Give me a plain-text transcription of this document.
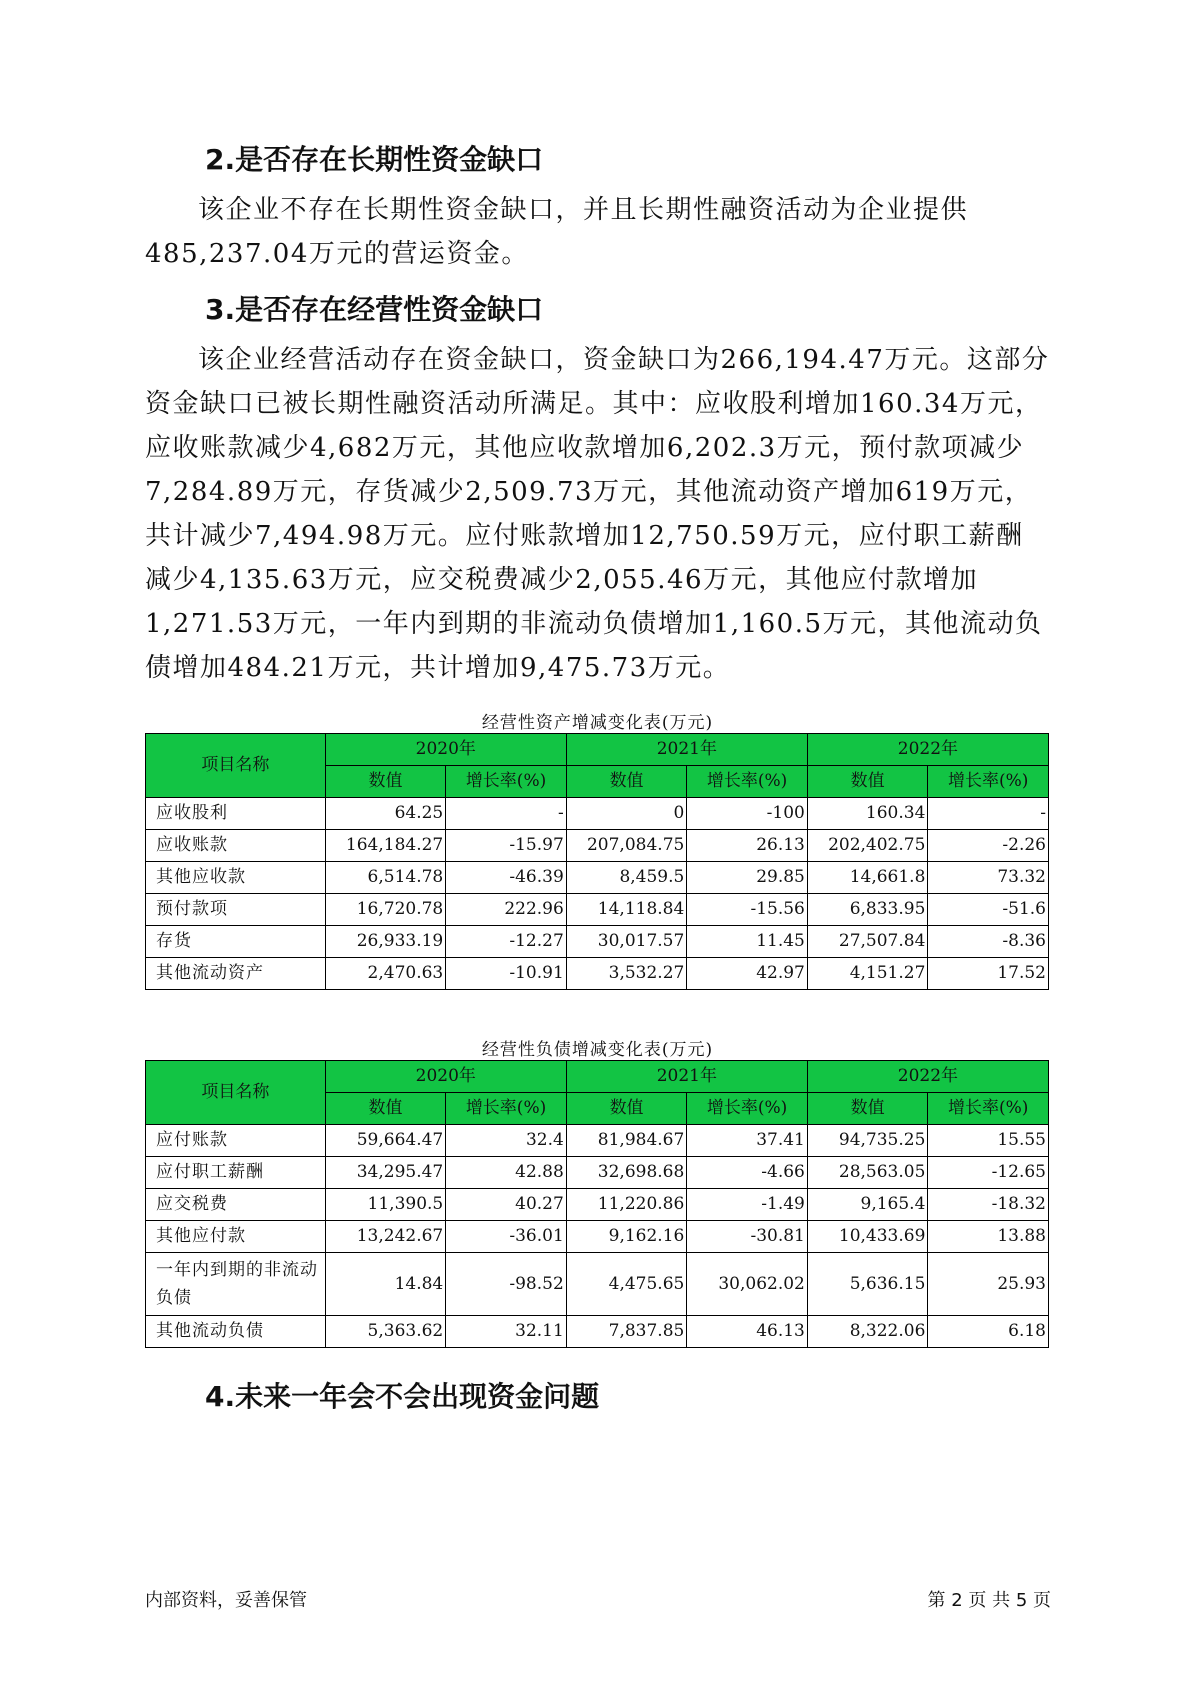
2.是否存在长期性资金缺口

该企业不存在长期性资金缺口，并且长期性融资活动为企业提供485,237.04万元的营运资金。

3.是否存在经营性资金缺口

该企业经营活动存在资金缺口，资金缺口为266,194.47万元。这部分资金缺口已被长期性融资活动所满足。其中：应收股利增加160.34万元，应收账款减少4,682万元，其他应收款增加6,202.3万元，预付款项减少7,284.89万元，存货减少2,509.73万元，其他流动资产增加619万元，共计减少7,494.98万元。应付账款增加12,750.59万元，应付职工薪酬减少4,135.63万元，应交税费减少2,055.46万元，其他应付款增加1,271.53万元，一年内到期的非流动负债增加1,160.5万元，其他流动负债增加484.21万元，共计增加9,475.73万元。

经营性资产增减变化表(万元)
项目名称	2020年		2021年		2022年	
	数值	增长率(%)	数值	增长率(%)	数值	增长率(%)
应收股利	64.25	-	0	-100	160.34	-
应收账款	164,184.27	-15.97	207,084.75	26.13	202,402.75	-2.26
其他应收款	6,514.78	-46.39	8,459.5	29.85	14,661.8	73.32
预付款项	16,720.78	222.96	14,118.84	-15.56	6,833.95	-51.6
存货	26,933.19	-12.27	30,017.57	11.45	27,507.84	-8.36
其他流动资产	2,470.63	-10.91	3,532.27	42.97	4,151.27	17.52
经营性负债增减变化表(万元)
项目名称	2020年		2021年		2022年	
	数值	增长率(%)	数值	增长率(%)	数值	增长率(%)
应付账款	59,664.47	32.4	81,984.67	37.41	94,735.25	15.55
应付职工薪酬	34,295.47	42.88	32,698.68	-4.66	28,563.05	-12.65
应交税费	11,390.5	40.27	11,220.86	-1.49	9,165.4	-18.32
其他应付款	13,242.67	-36.01	9,162.16	-30.81	10,433.69	13.88
一年内到期的非流动负债	14.84	-98.52	4,475.65	30,062.02	5,636.15	25.93
其他流动负债	5,363.62	32.11	7,837.85	46.13	8,322.06	6.18
4.未来一年会不会出现资金问题
内部资料，妥善保管	第 2 页 共 5 页
